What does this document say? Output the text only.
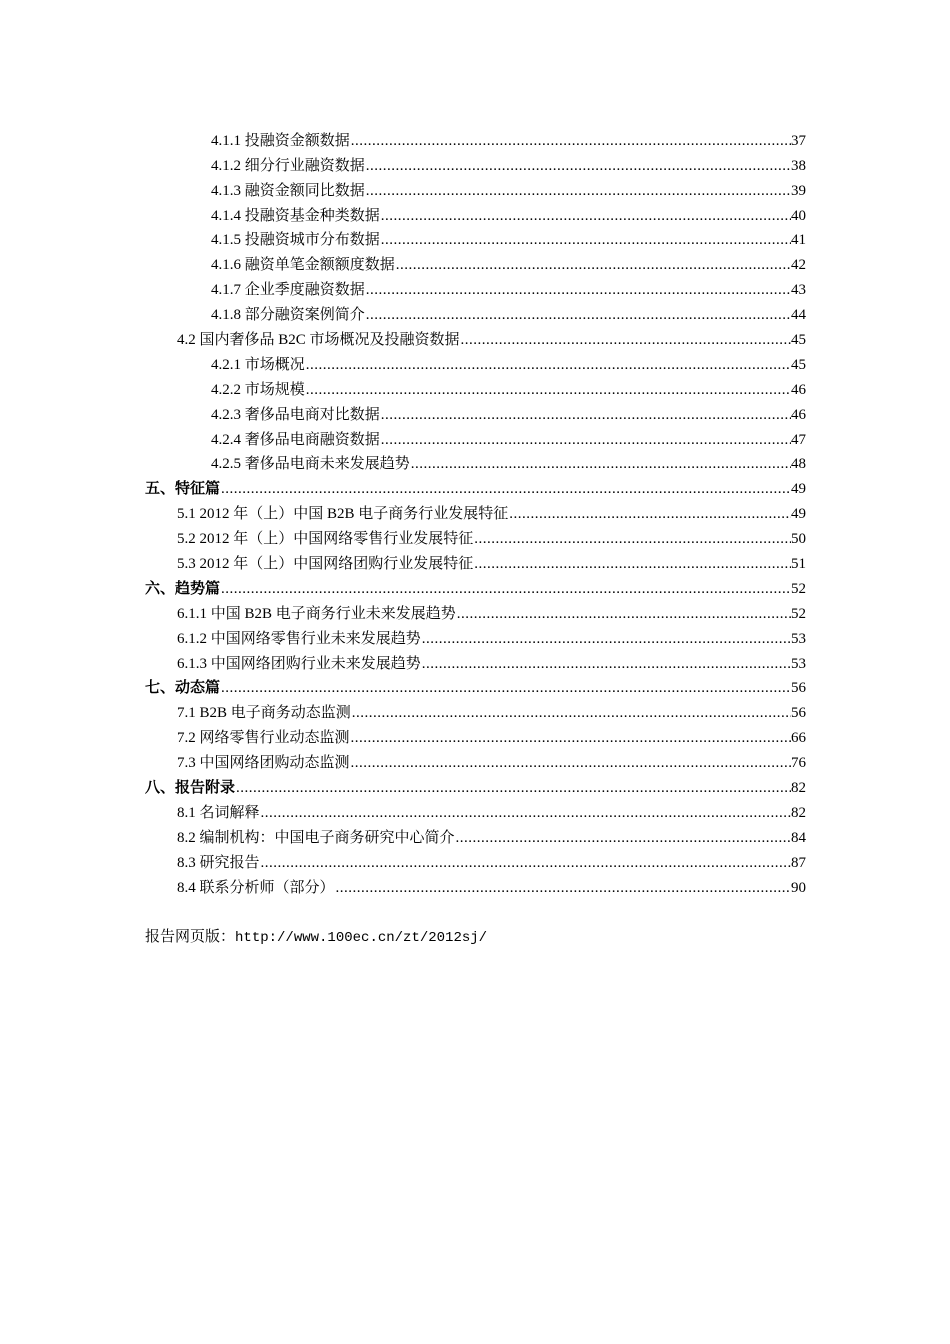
4.1.1 投融资金额数据 .....	37
4.1.2 细分行业融资数据 .....	38
4.1.3 融资金额同比数据 .....	39
4.1.4 投融资基金种类数据 .....	40
4.1.5 投融资城市分布数据 .....	41
4.1.6 融资单笔金额额度数据 .....	42
4.1.7 企业季度融资数据 .....	43
4.1.8 部分融资案例简介 .....	44
4.2 国内奢侈品 B2C 市场概况及投融资数据 .....	45
4.2.1 市场概况 .....	45
4.2.2 市场规模 .....	46
4.2.3 奢侈品电商对比数据 .....	46
4.2.4 奢侈品电商融资数据 .....	47
4.2.5 奢侈品电商未来发展趋势 .....	48
五、特征篇 .....	49
5.1 2012 年（上）中国 B2B 电子商务行业发展特征 .....	49
5.2 2012 年（上）中国网络零售行业发展特征 .....	50
5.3 2012 年（上）中国网络团购行业发展特征 .....	51
六、趋势篇 .....	52
6.1.1 中国 B2B 电子商务行业未来发展趋势 .....	52
6.1.2 中国网络零售行业未来发展趋势 .....	53
6.1.3 中国网络团购行业未来发展趋势 .....	53
七、动态篇 .....	56
7.1 B2B 电子商务动态监测 .....	56
7.2 网络零售行业动态监测 .....	66
7.3 中国网络团购动态监测 .....	76
八、报告附录 .....	82
8.1 名词解释 .....	82
8.2 编制机构：中国电子商务研究中心简介 .....	84
8.3 研究报告 .....	87
8.4 联系分析师（部分） .....	90
报告网页版：http://www.100ec.cn/zt/2012sj/
